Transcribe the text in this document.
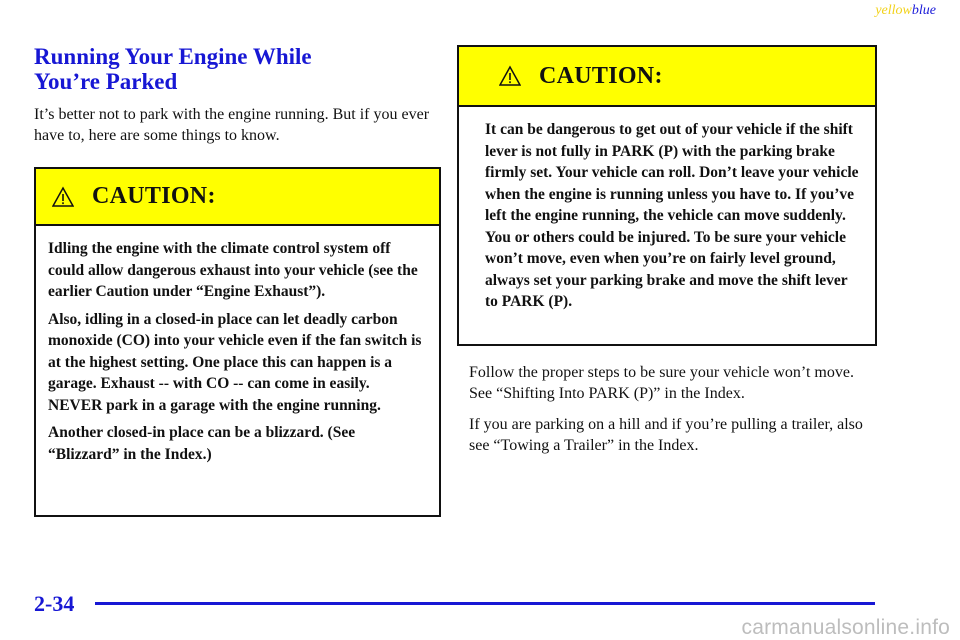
yellowblue
Running Your Engine While
You’re Parked

It’s better not to park with the engine running. But if you ever have to, here are some things to know.

CAUTION:

Idling the engine with the climate control system off could allow dangerous exhaust into your vehicle (see the earlier Caution under “Engine Exhaust”).

Also, idling in a closed-in place can let deadly carbon monoxide (CO) into your vehicle even if the fan switch is at the highest setting. One place this can happen is a garage. Exhaust -- with CO -- can come in easily. NEVER park in a garage with the engine running.

Another closed-in place can be a blizzard. (See “Blizzard” in the Index.)

CAUTION:

It can be dangerous to get out of your vehicle if the shift lever is not fully in PARK (P) with the parking brake firmly set. Your vehicle can roll. Don’t leave your vehicle when the engine is running unless you have to. If you’ve left the engine running, the vehicle can move suddenly. You or others could be injured. To be sure your vehicle won’t move, even when you’re on fairly level ground, always set your parking brake and move the shift lever to PARK (P).

Follow the proper steps to be sure your vehicle won’t move. See “Shifting Into PARK (P)” in the Index.

If you are parking on a hill and if you’re pulling a trailer, also see “Towing a Trailer” in the Index.

2-34
carmanualsonline.info
